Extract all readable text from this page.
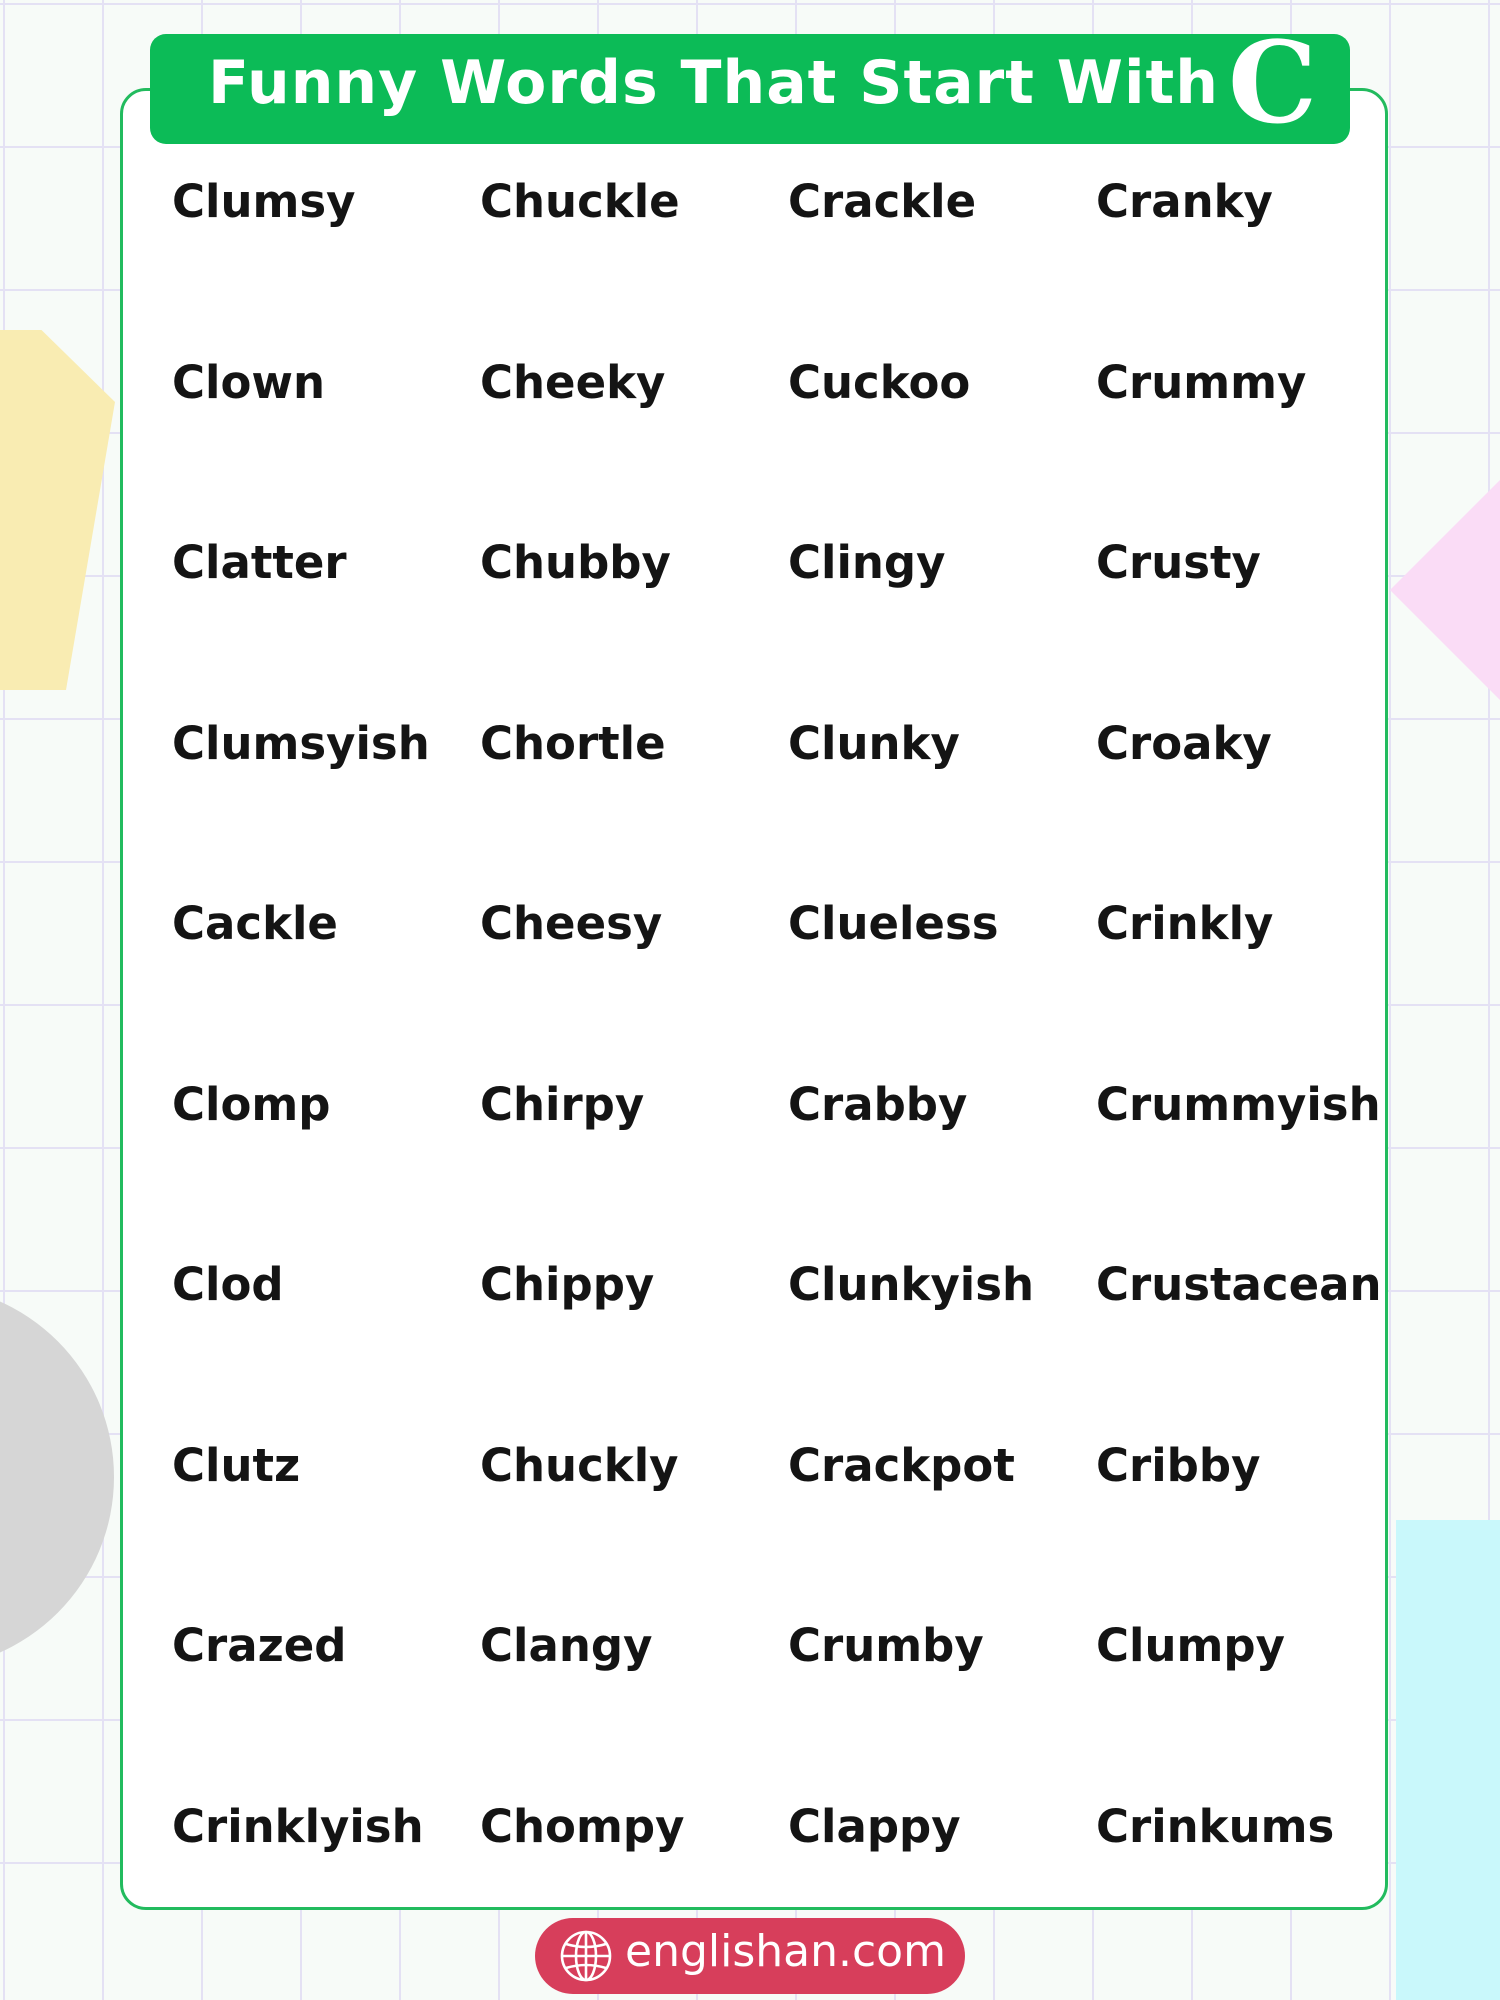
Funny Words That Start With C
Clumsy	Chuckle	Crackle	Cranky
Clown	Cheeky	Cuckoo	Crummy
Clatter	Chubby	Clingy	Crusty
Clumsyish	Chortle	Clunky	Croaky
Cackle	Cheesy	Clueless	Crinkly
Clomp	Chirpy	Crabby	Crummyish
Clod	Chippy	Clunkyish	Crustacean
Clutz	Chuckly	Crackpot	Cribby
Crazed	Clangy	Crumby	Clumpy
Crinklyish	Chompy	Clappy	Crinkums
englishan.com
